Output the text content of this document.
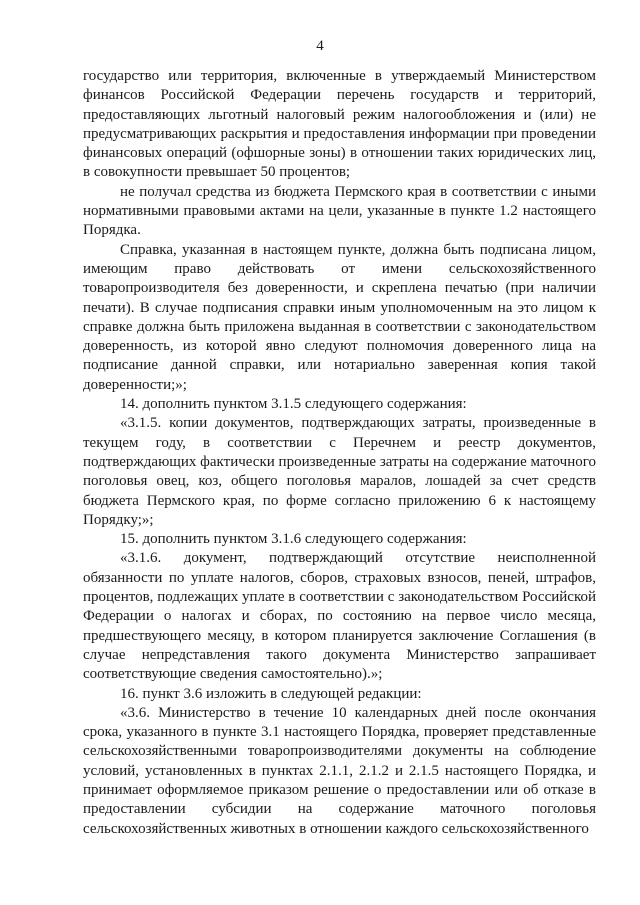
4

государство или территория, включенные в утверждаемый Министерством финансов Российской Федерации перечень государств и территорий, предоставляющих льготный налоговый режим налогообложения и (или) не предусматривающих раскрытия и предоставления информации при проведении финансовых операций (офшорные зоны) в отношении таких юридических лиц, в совокупности превышает 50 процентов;

не получал средства из бюджета Пермского края в соответствии с иными нормативными правовыми актами на цели, указанные в пункте 1.2 настоящего Порядка.

Справка, указанная в настоящем пункте, должна быть подписана лицом, имеющим право действовать от имени сельскохозяйственного товаропроизводителя без доверенности, и скреплена печатью (при наличии печати). В случае подписания справки иным уполномоченным на это лицом к справке должна быть приложена выданная в соответствии с законодательством доверенность, из которой явно следуют полномочия доверенного лица на подписание данной справки, или нотариально заверенная копия такой доверенности;»;

14. дополнить пунктом 3.1.5 следующего содержания:

«3.1.5. копии документов, подтверждающих затраты, произведенные в текущем году, в соответствии с Перечнем и реестр документов, подтверждающих фактически произведенные затраты на содержание маточного поголовья овец, коз, общего поголовья маралов, лошадей за счет средств бюджета Пермского края, по форме согласно приложению 6 к настоящему Порядку;»;

15. дополнить пунктом 3.1.6 следующего содержания:

«3.1.6. документ, подтверждающий отсутствие неисполненной обязанности по уплате налогов, сборов, страховых взносов, пеней, штрафов, процентов, подлежащих уплате в соответствии с законодательством Российской Федерации о налогах и сборах, по состоянию на первое число месяца, предшествующего месяцу, в котором планируется заключение Соглашения (в случае непредставления такого документа Министерство запрашивает соответствующие сведения самостоятельно).»;

16. пункт 3.6 изложить в следующей редакции:

«3.6. Министерство в течение 10 календарных дней после окончания срока, указанного в пункте 3.1 настоящего Порядка, проверяет представленные сельскохозяйственными товаропроизводителями документы на соблюдение условий, установленных в пунктах 2.1.1, 2.1.2 и 2.1.5 настоящего Порядка, и принимает оформляемое приказом решение о предоставлении или об отказе в предоставлении субсидии на содержание маточного поголовья сельскохозяйственных животных в отношении каждого сельскохозяйственного
